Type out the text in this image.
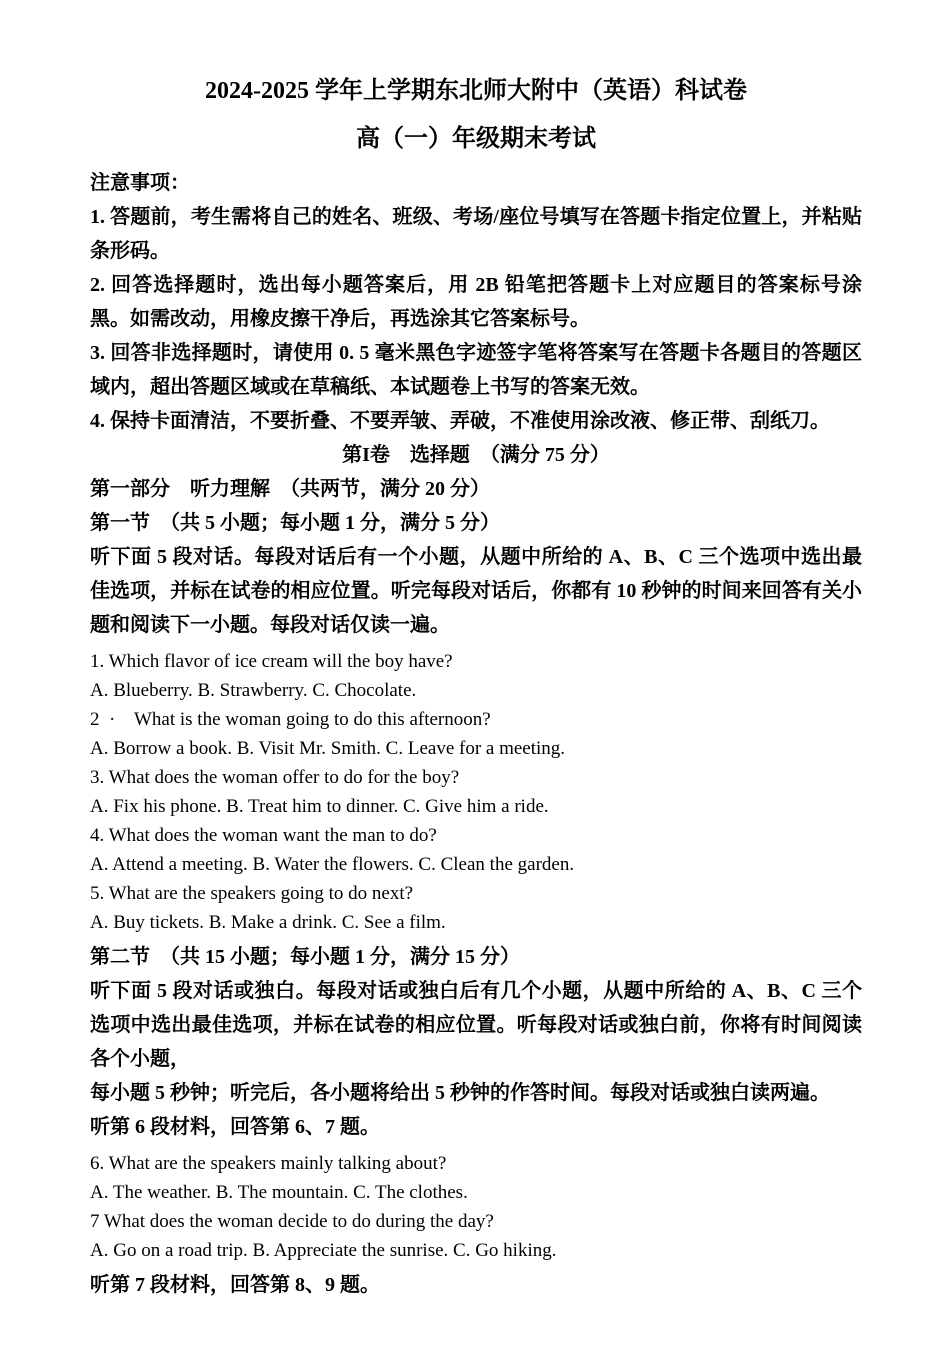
2024-2025 学年上学期东北师大附中（英语）科试卷
高（一）年级期末考试

注意事项：

1. 答题前，考生需将自己的姓名、班级、考场/座位号填写在答题卡指定位置上，并粘贴条形码。

2. 回答选择题时，选出每小题答案后，用 2B 铅笔把答题卡上对应题目的答案标号涂黑。如需改动，用橡皮擦干净后，再选涂其它答案标号。

3. 回答非选择题时，请使用 0. 5 毫米黑色字迹签字笔将答案写在答题卡各题目的答题区域内，超出答题区域或在草稿纸、本试题卷上书写的答案无效。

4. 保持卡面清洁，不要折叠、不要弄皱、弄破，不准使用涂改液、修正带、刮纸刀。

第I卷　选择题　（满分 75 分）

第一部分　听力理解　（共两节，满分 20 分）

第一节　（共 5 小题；每小题 1 分，满分 5 分）

听下面 5 段对话。每段对话后有一个小题，从题中所给的 A、B、C 三个选项中选出最佳选项，并标在试卷的相应位置。听完每段对话后，你都有 10 秒钟的时间来回答有关小题和阅读下一小题。每段对话仅读一遍。

1. Which flavor of ice cream will the boy have?

A. Blueberry. B. Strawberry. C. Chocolate.

2  ·    What is the woman going to do this afternoon?

A. Borrow a book. B. Visit Mr. Smith. C. Leave for a meeting.

3. What does the woman offer to do for the boy?

A. Fix his phone. B. Treat him to dinner. C. Give him a ride.

4. What does the woman want the man to do?

A. Attend a meeting. B. Water the flowers. C. Clean the garden.

5. What are the speakers going to do next?

A. Buy tickets. B. Make a drink. C. See a film.

第二节　（共 15 小题；每小题 1 分，满分 15 分）

听下面 5 段对话或独白。每段对话或独白后有几个小题，从题中所给的 A、B、C 三个选项中选出最佳选项，并标在试卷的相应位置。听每段对话或独白前，你将有时间阅读各个小题，

每小题 5 秒钟；听完后，各小题将给出 5 秒钟的作答时间。每段对话或独白读两遍。

听第 6 段材料，回答第 6、7 题。

6. What are the speakers mainly talking about?

A. The weather. B. The mountain. C. The clothes.

7 What does the woman decide to do during the day?

A. Go on a road trip. B. Appreciate the sunrise. C. Go hiking.

听第 7 段材料，回答第 8、9 题。
